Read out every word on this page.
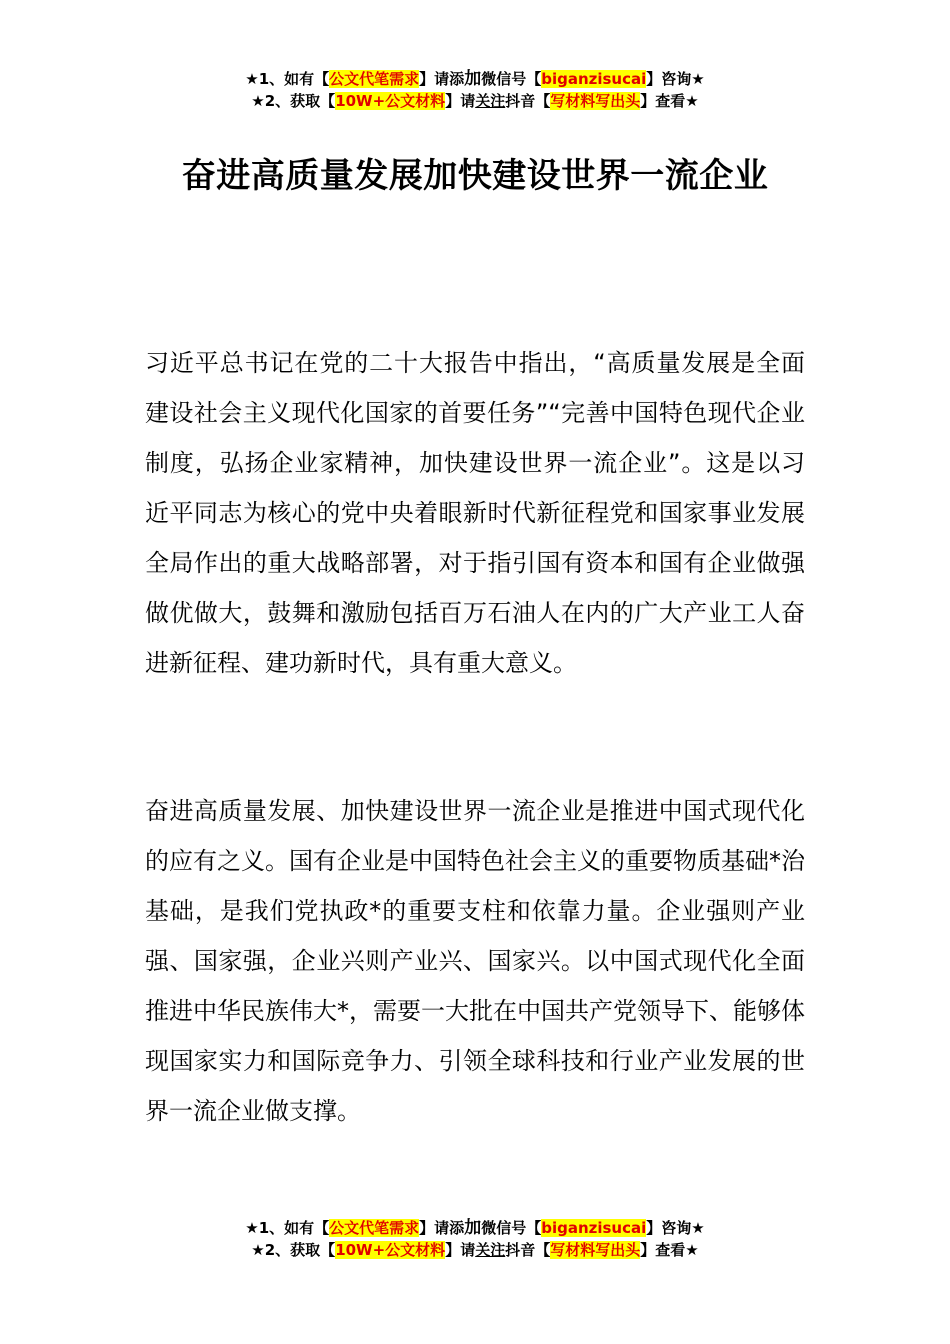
★1、如有【公文代笔需求】请添加微信号【biganzisucai】咨询★
★2、获取【10W+公文材料】请关注抖音【写材料写出头】查看★
奋进高质量发展加快建设世界一流企业

习近平总书记在党的二十大报告中指出，“高质量发展是全面建设社会主义现代化国家的首要任务”“完善中国特色现代企业制度，弘扬企业家精神，加快建设世界一流企业”。这是以习近平同志为核心的党中央着眼新时代新征程党和国家事业发展全局作出的重大战略部署，对于指引国有资本和国有企业做强做优做大，鼓舞和激励包括百万石油人在内的广大产业工人奋进新征程、建功新时代，具有重大意义。

奋进高质量发展、加快建设世界一流企业是推进中国式现代化的应有之义。国有企业是中国特色社会主义的重要物质基础*治基础，是我们党执政*的重要支柱和依靠力量。企业强则产业强、国家强，企业兴则产业兴、国家兴。以中国式现代化全面推进中华民族伟大*，需要一大批在中国共产党领导下、能够体现国家实力和国际竞争力、引领全球科技和行业产业发展的世界一流企业做支撑。

★1、如有【公文代笔需求】请添加微信号【biganzisucai】咨询★
★2、获取【10W+公文材料】请关注抖音【写材料写出头】查看★
